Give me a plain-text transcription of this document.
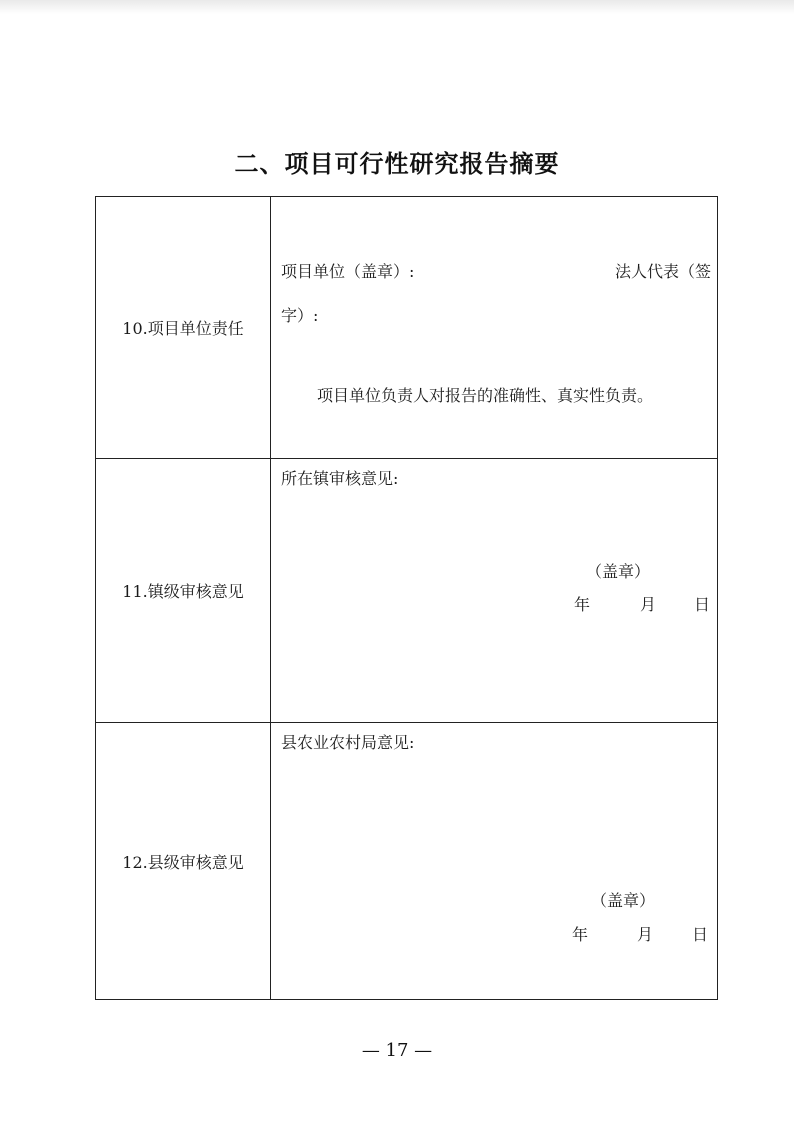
二、项目可行性研究报告摘要
10.项目单位责任
项目单位（盖章）:	法人代表（签
字）:
项目单位负责人对报告的准确性、真实性负责。
11.镇级审核意见
所在镇审核意见:
（盖章）
年	月 日
12.县级审核意见
县农业农村局意见:
（盖章）
年	月 日
— 17 —
